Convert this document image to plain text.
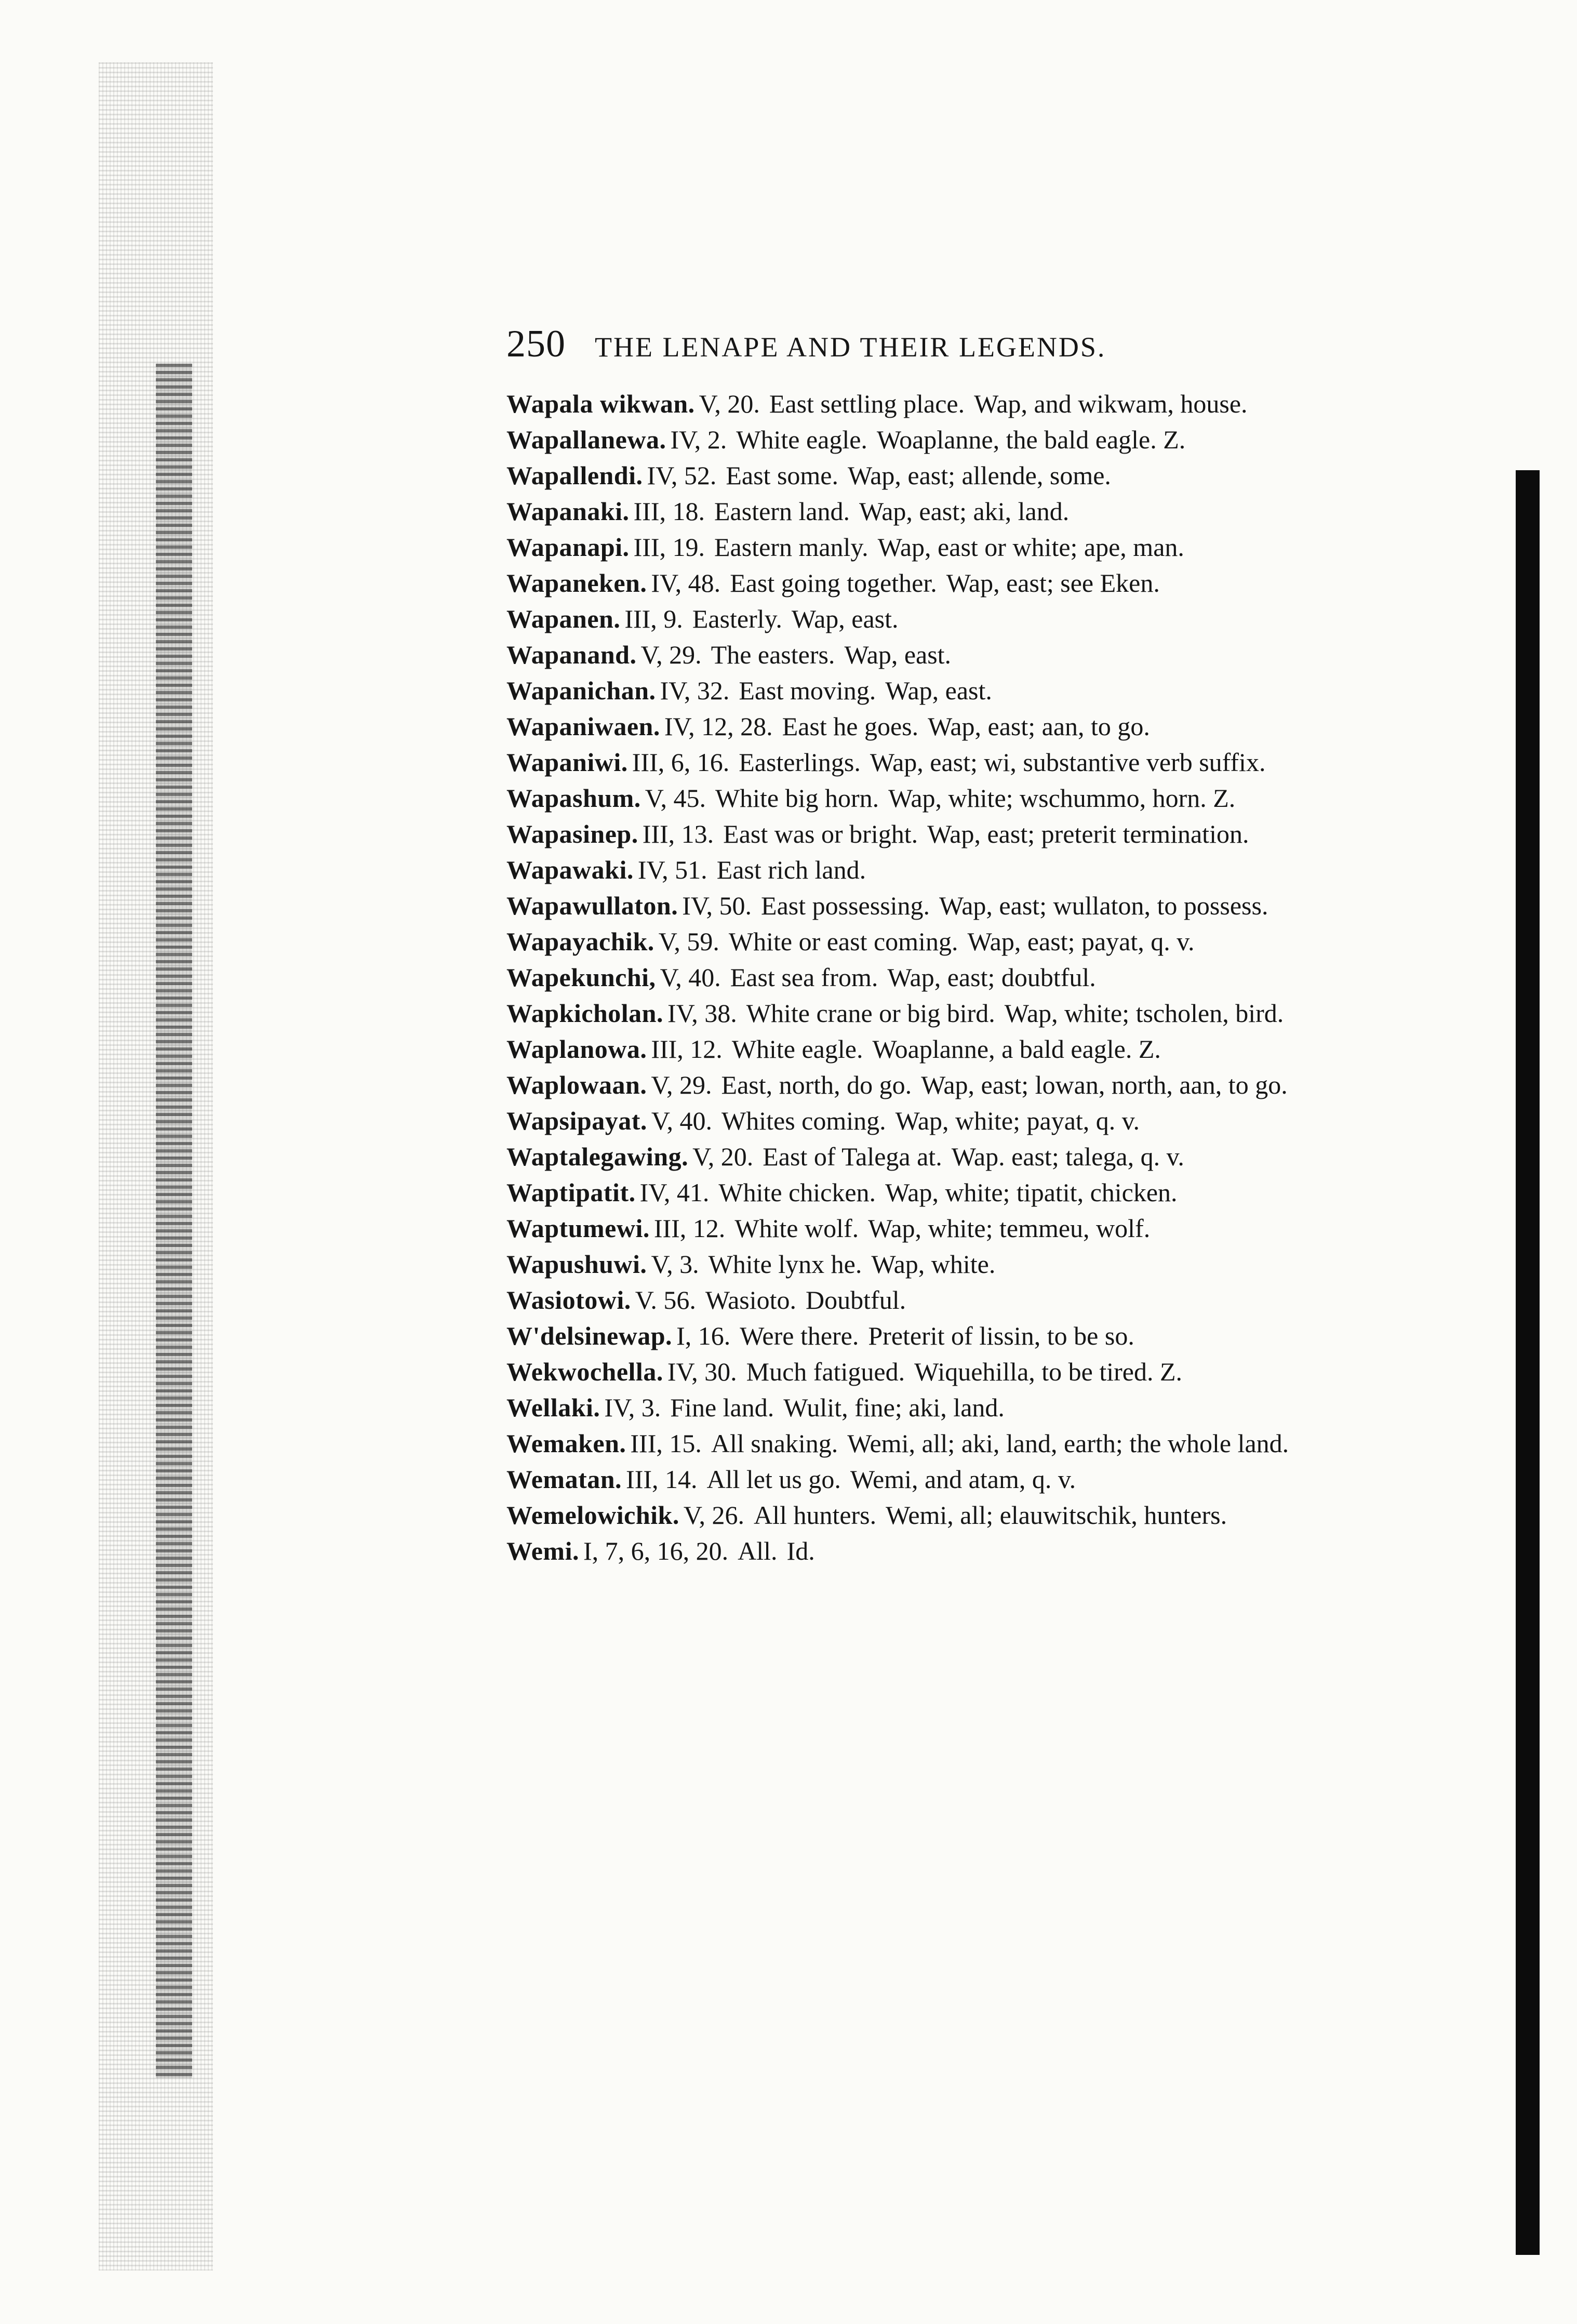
250	THE LENAPE AND THEIR LEGENDS.
Wapala wikwan. V, 20. East settling place. Wap, and wikwam, house.
Wapallanewa. IV, 2. White eagle. Woaplanne, the bald eagle. Z.
Wapallendi. IV, 52. East some. Wap, east; allende, some.
Wapanaki. III, 18. Eastern land. Wap, east; aki, land.
Wapanapi. III, 19. Eastern manly. Wap, east or white; ape, man.
Wapaneken. IV, 48. East going together. Wap, east; see Eken.
Wapanen. III, 9. Easterly. Wap, east.
Wapanand. V, 29. The easters. Wap, east.
Wapanichan. IV, 32. East moving. Wap, east.
Wapaniwaen. IV, 12, 28. East he goes. Wap, east; aan, to go.
Wapaniwi. III, 6, 16. Easterlings. Wap, east; wi, substantive verb suffix.
Wapashum. V, 45. White big horn. Wap, white; wschummo, horn. Z.
Wapasinep. III, 13. East was or bright. Wap, east; preterit termination.
Wapawaki. IV, 51. East rich land.
Wapawullaton. IV, 50. East possessing. Wap, east; wullaton, to possess.
Wapayachik. V, 59. White or east coming. Wap, east; payat, q. v.
Wapekunchi, V, 40. East sea from. Wap, east; doubtful.
Wapkicholan. IV, 38. White crane or big bird. Wap, white; tscholen, bird.
Waplanowa. III, 12. White eagle. Woaplanne, a bald eagle. Z.
Waplowaan. V, 29. East, north, do go. Wap, east; lowan, north, aan, to go.
Wapsipayat. V, 40. Whites coming. Wap, white; payat, q. v.
Waptalegawing. V, 20. East of Talega at. Wap. east; talega, q. v.
Waptipatit. IV, 41. White chicken. Wap, white; tipatit, chicken.
Waptumewi. III, 12. White wolf. Wap, white; temmeu, wolf.
Wapushuwi. V, 3. White lynx he. Wap, white.
Wasiotowi. V. 56. Wasioto. Doubtful.
W'delsinewap. I, 16. Were there. Preterit of lissin, to be so.
Wekwochella. IV, 30. Much fatigued. Wiquehilla, to be tired. Z.
Wellaki. IV, 3. Fine land. Wulit, fine; aki, land.
Wemaken. III, 15. All snaking. Wemi, all; aki, land, earth; the whole land.
Wematan. III, 14. All let us go. Wemi, and atam, q. v.
Wemelowichik. V, 26. All hunters. Wemi, all; elauwitschik, hunters.
Wemi. I, 7, 6, 16, 20. All. Id.
